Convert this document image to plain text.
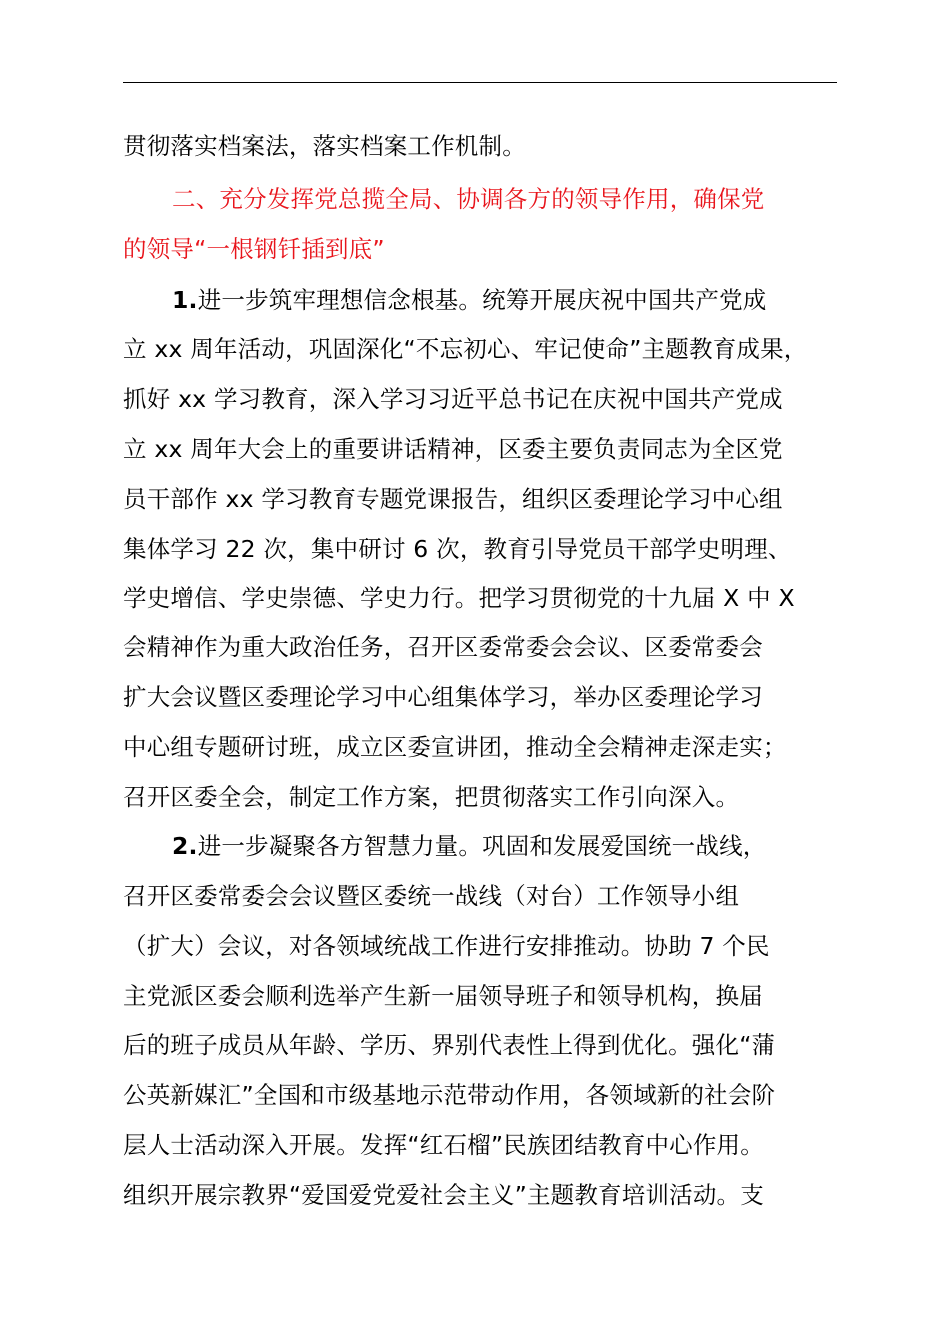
贯彻落实档案法，落实档案工作机制。
二、充分发挥党总揽全局、协调各方的领导作用，确保党
的领导“一根钢钎插到底”
1.进一步筑牢理想信念根基。统筹开展庆祝中国共产党成
立 xx 周年活动，巩固深化“不忘初心、牢记使命”主题教育成果，
抓好 xx 学习教育，深入学习习近平总书记在庆祝中国共产党成
立 xx 周年大会上的重要讲话精神，区委主要负责同志为全区党
员干部作 xx 学习教育专题党课报告，组织区委理论学习中心组
集体学习 22 次，集中研讨 6 次，教育引导党员干部学史明理、
学史增信、学史崇德、学史力行。把学习贯彻党的十九届 X 中 X
会精神作为重大政治任务，召开区委常委会会议、区委常委会
扩大会议暨区委理论学习中心组集体学习，举办区委理论学习
中心组专题研讨班，成立区委宣讲团，推动全会精神走深走实；
召开区委全会，制定工作方案，把贯彻落实工作引向深入。
2.进一步凝聚各方智慧力量。巩固和发展爱国统一战线，
召开区委常委会会议暨区委统一战线（对台）工作领导小组
（扩大）会议，对各领域统战工作进行安排推动。协助 7 个民
主党派区委会顺利选举产生新一届领导班子和领导机构，换届
后的班子成员从年龄、学历、界别代表性上得到优化。强化“蒲
公英新媒汇”全国和市级基地示范带动作用，各领域新的社会阶
层人士活动深入开展。发挥“红石榴”民族团结教育中心作用。
组织开展宗教界“爱国爱党爱社会主义”主题教育培训活动。支
